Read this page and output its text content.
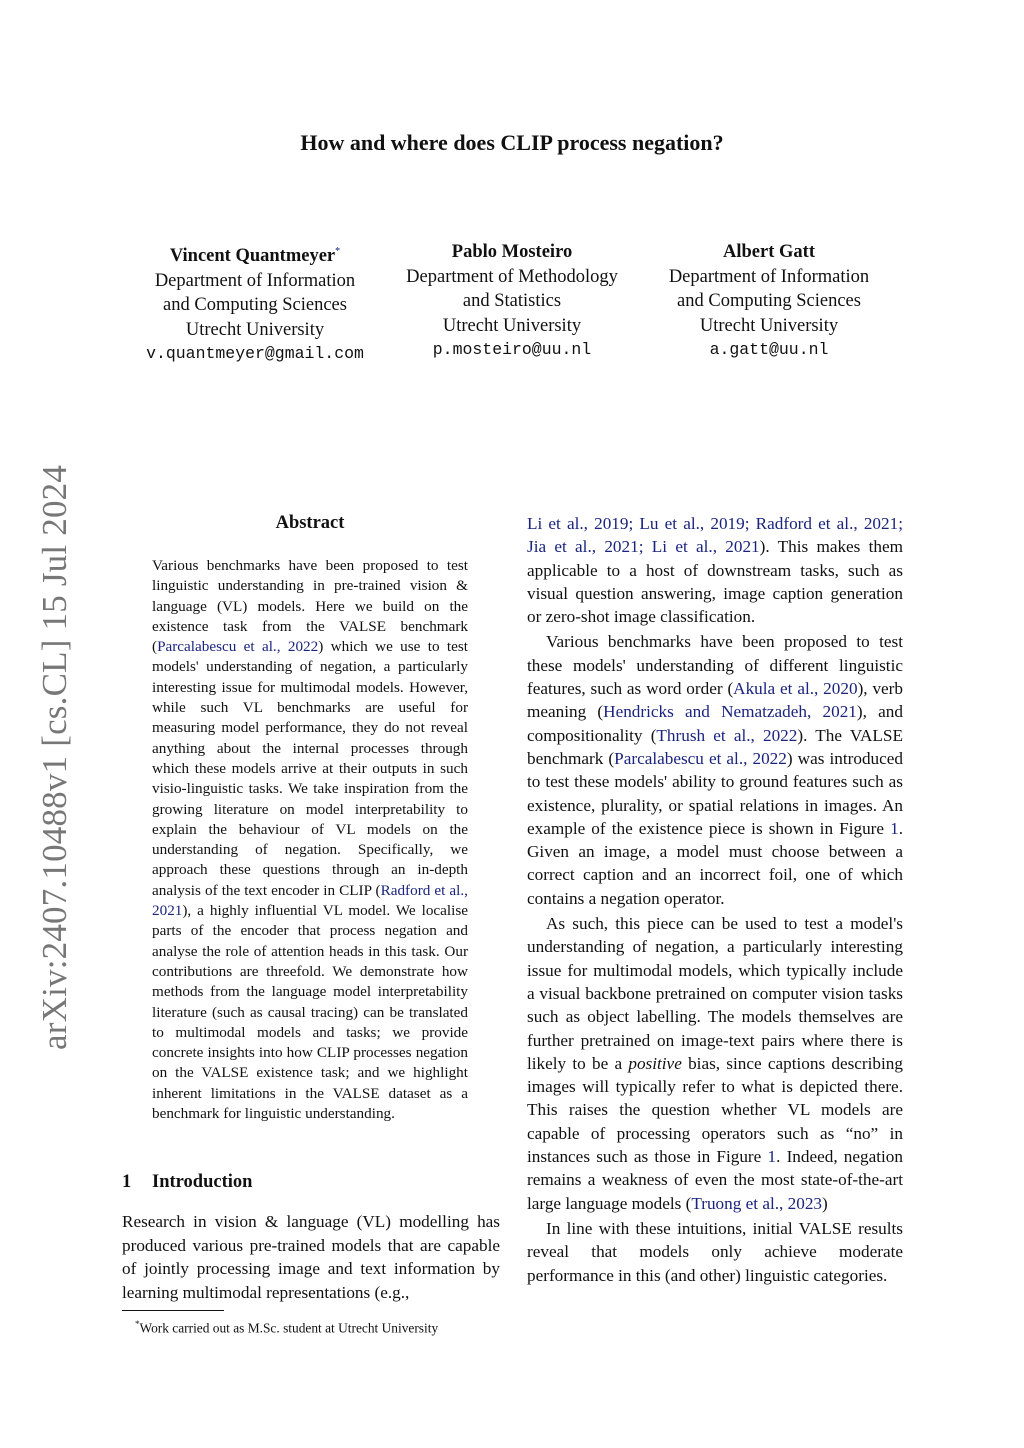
How and where does CLIP process negation?
Vincent Quantmeyer*
Department of Information
and Computing Sciences
Utrecht University
v.quantmeyer@gmail.com
Pablo Mosteiro
Department of Methodology
and Statistics
Utrecht University
p.mosteiro@uu.nl
Albert Gatt
Department of Information
and Computing Sciences
Utrecht University
a.gatt@uu.nl
arXiv:2407.10488v1 [cs.CL] 15 Jul 2024	Abstract

Various benchmarks have been proposed to test linguistic understanding in pre-trained vision & language (VL) models. Here we build on the existence task from the VALSE benchmark (Parcalabescu et al., 2022) which we use to test models' understanding of negation, a particularly interesting issue for multimodal models. However, while such VL benchmarks are useful for measuring model performance, they do not reveal anything about the internal processes through which these models arrive at their outputs in such visio-linguistic tasks. We take inspiration from the growing literature on model interpretability to explain the behaviour of VL models on the understanding of negation. Specifically, we approach these questions through an in-depth analysis of the text encoder in CLIP (Radford et al., 2021), a highly influential VL model. We localise parts of the encoder that process negation and analyse the role of attention heads in this task. Our contributions are threefold. We demonstrate how methods from the language model interpretability literature (such as causal tracing) can be translated to multimodal models and tasks; we provide concrete insights into how CLIP processes negation on the VALSE existence task; and we highlight inherent limitations in the VALSE dataset as a benchmark for linguistic understanding.

1 Introduction

Research in vision & language (VL) modelling has produced various pre-trained models that are capable of jointly processing image and text information by learning multimodal representations (e.g.,

*Work carried out as M.Sc. student at Utrecht University

Li et al., 2019; Lu et al., 2019; Radford et al., 2021; Jia et al., 2021; Li et al., 2021). This makes them applicable to a host of downstream tasks, such as visual question answering, image caption generation or zero-shot image classification.

Various benchmarks have been proposed to test these models' understanding of different linguistic features, such as word order (Akula et al., 2020), verb meaning (Hendricks and Nematzadeh, 2021), and compositionality (Thrush et al., 2022). The VALSE benchmark (Parcalabescu et al., 2022) was introduced to test these models' ability to ground features such as existence, plurality, or spatial relations in images. An example of the existence piece is shown in Figure 1. Given an image, a model must choose between a correct caption and an incorrect foil, one of which contains a negation operator.

As such, this piece can be used to test a model's understanding of negation, a particularly interesting issue for multimodal models, which typically include a visual backbone pretrained on computer vision tasks such as object labelling. The models themselves are further pretrained on image-text pairs where there is likely to be a positive bias, since captions describing images will typically refer to what is depicted there. This raises the question whether VL models are capable of processing operators such as “no” in instances such as those in Figure 1. Indeed, negation remains a weakness of even the most state-of-the-art large language models (Truong et al., 2023)

In line with these intuitions, initial VALSE results reveal that models only achieve moderate performance in this (and other) linguistic categories.
